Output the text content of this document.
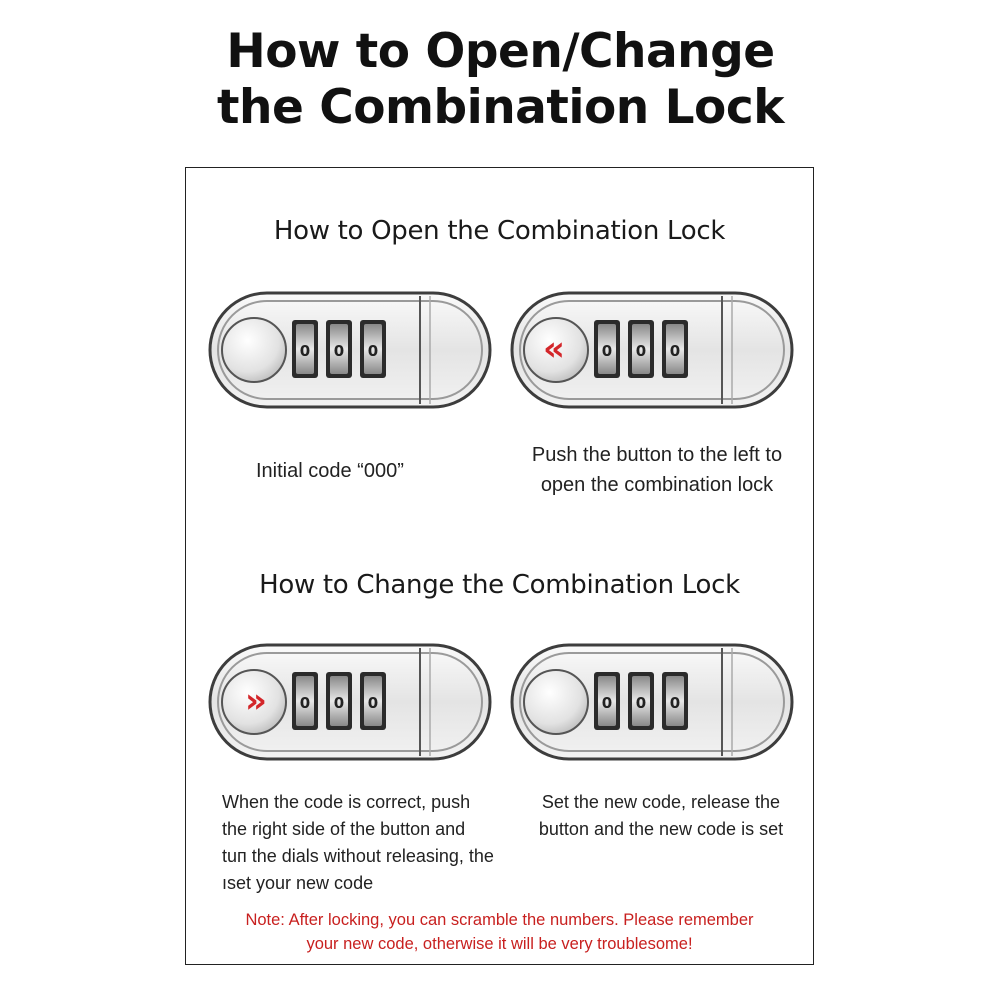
How to Open/Change
the Combination Lock
How to Open the Combination Lock
0 0 0	« 0 0 0
Initial code “000”
Push the button to the left to
open the combination lock
How to Change the Combination Lock
» 0 0 0	0 0 0
When the code is correct, push
the right side of the button and
tuп the dials without releasing, the
ıset your new code
Set the new code, release the
button and the new code is set
Note: After locking, you can scramble the numbers. Please remember
your new code, otherwise it will be very troublesome!
